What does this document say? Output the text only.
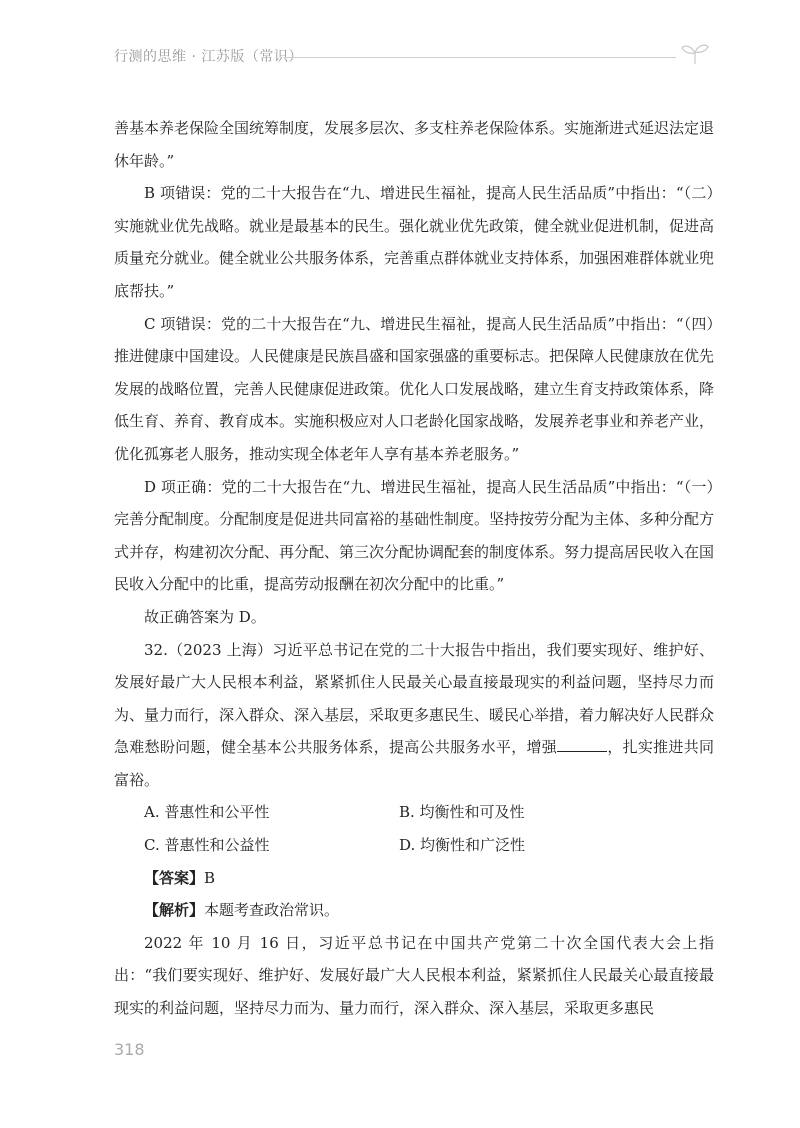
行测的思维 · 江苏版（常识）

善基本养老保险全国统筹制度，发展多层次、多支柱养老保险体系。实施渐进式延迟法定退休年龄。”

B 项错误：党的二十大报告在“九、增进民生福祉，提高人民生活品质”中指出：“（二）实施就业优先战略。就业是最基本的民生。强化就业优先政策，健全就业促进机制，促进高质量充分就业。健全就业公共服务体系，完善重点群体就业支持体系，加强困难群体就业兜底帮扶。”

C 项错误：党的二十大报告在“九、增进民生福祉，提高人民生活品质”中指出：“（四）推进健康中国建设。人民健康是民族昌盛和国家强盛的重要标志。把保障人民健康放在优先发展的战略位置，完善人民健康促进政策。优化人口发展战略，建立生育支持政策体系，降低生育、养育、教育成本。实施积极应对人口老龄化国家战略，发展养老事业和养老产业，优化孤寡老人服务，推动实现全体老年人享有基本养老服务。”

D 项正确：党的二十大报告在“九、增进民生福祉，提高人民生活品质”中指出：“（一）完善分配制度。分配制度是促进共同富裕的基础性制度。坚持按劳分配为主体、多种分配方式并存，构建初次分配、再分配、第三次分配协调配套的制度体系。努力提高居民收入在国民收入分配中的比重，提高劳动报酬在初次分配中的比重。”

故正确答案为 D。

32.（2023 上海）习近平总书记在党的二十大报告中指出，我们要实现好、维护好、发展好最广大人民根本利益，紧紧抓住人民最关心最直接最现实的利益问题，坚持尽力而为、量力而行，深入群众、深入基层，采取更多惠民生、暖民心举措，着力解决好人民群众急难愁盼问题，健全基本公共服务体系，提高公共服务水平，增强	，扎实推进共同富裕。

A. 普惠性和公平性	B. 均衡性和可及性
C. 普惠性和公益性	D. 均衡性和广泛性

【答案】B

【解析】本题考查政治常识。

2022 年 10 月 16 日，习近平总书记在中国共产党第二十次全国代表大会上指出：“我们要实现好、维护好、发展好最广大人民根本利益，紧紧抓住人民最关心最直接最现实的利益问题，坚持尽力而为、量力而行，深入群众、深入基层，采取更多惠民

318
